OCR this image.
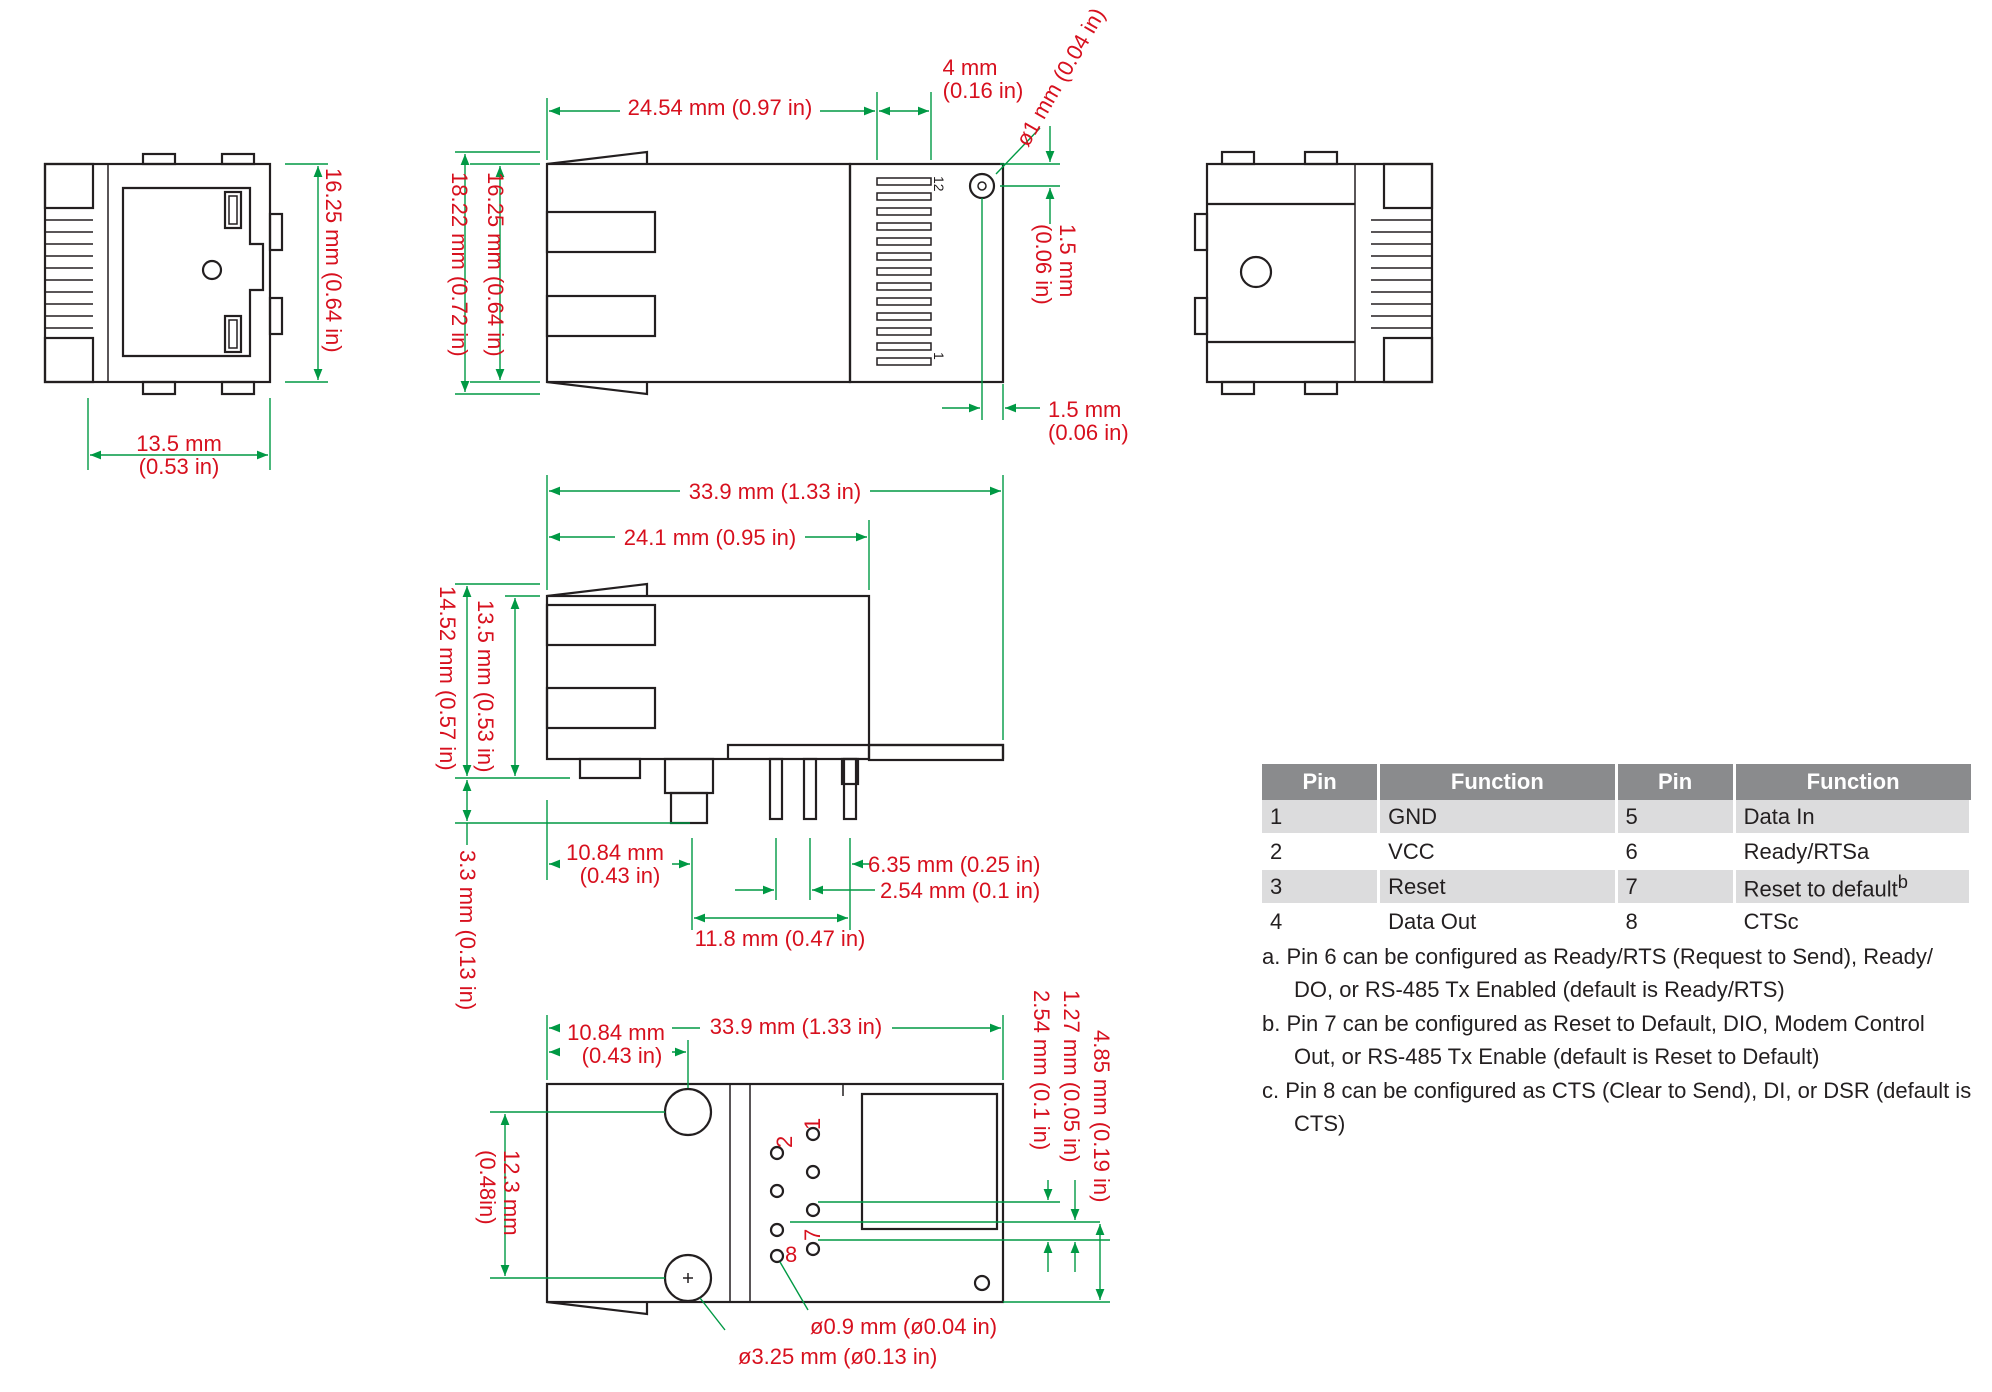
16.25 mm (0.64 in)
13.5 mm
(0.53 in)
12
1
24.54 mm (0.97 in)
4 mm
(0.16 in)
ø1 mm (0.04 in)
16.25 mm (0.64 in)
18.22 mm (0.72 in)	1.5 mm
(0.06 in)
1.5 mm
(0.06 in)
33.9 mm (1.33 in)
24.1 mm (0.95 in)
13.5 mm (0.53 in)
14.52 mm (0.57 in)
3.3 mm (0.13 in)	10.84 mm
(0.43 in)	6.35 mm (0.25 in)
2.54 mm (0.1 in)
11.8 mm (0.47 in)
1
2
7
8
33.9 mm (1.33 in)
10.84 mm
(0.43 in)
12.3 mm
(0.48in)
2.54 mm (0.1 in) 1.27 mm (0.05 in) 4.85 mm (0.19 in)
ø0.9 mm (ø0.04 in)
ø3.25 mm (ø0.13 in)
Pin	Function	Pin	Function
1	GND	5	Data In
2	VCC	6	Ready/RTSa
3	Reset	7	Reset to default$^b$
4	Data Out	8	CTSc

a. Pin 6 can be configured as Ready/RTS (Request to Send), Ready/ DO, or RS-485 Tx Enabled (default is Ready/RTS)

b. Pin 7 can be configured as Reset to Default, DIO, Modem Control Out, or RS-485 Tx Enable (default is Reset to Default)

c. Pin 8 can be configured as CTS (Clear to Send), DI, or DSR (default is CTS)
